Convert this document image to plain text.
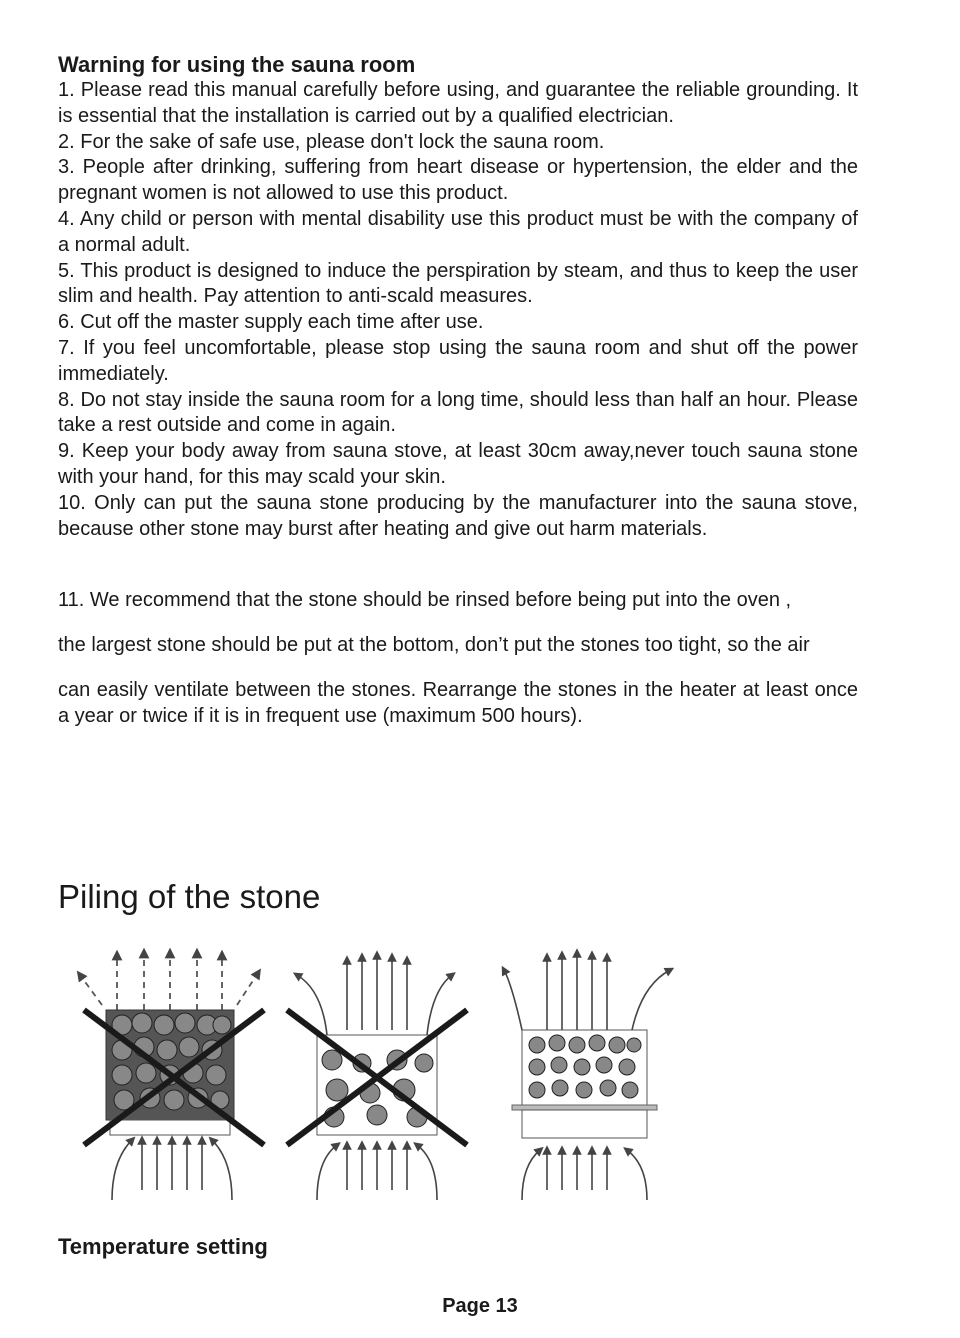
Warning for using the sauna room

1. Please read this manual carefully before using, and guarantee the reliable grounding. It is essential that the installation is carried out by a qualified electrician.

2. For the sake of safe use, please don't lock the sauna room.

3. People after drinking, suffering from heart disease or hypertension, the elder and the pregnant women is not allowed to use this product.

4. Any child or person with mental disability use this product must be with the company of a normal adult.

5. This product is designed to induce the perspiration by steam, and thus to keep the user slim and health. Pay attention to anti-scald measures.

6. Cut off the master supply each time after use.

7. If you feel uncomfortable, please stop using the sauna room and shut off the power immediately.

8. Do not stay inside the sauna room for a long time, should less than half an hour. Please take a rest outside and come in again.

9. Keep your body away from sauna stove, at least 30cm away,never touch sauna stone with your hand, for this may scald your skin.

10. Only can put the sauna stone producing by the manufacturer into the sauna stove, because other stone may burst after heating and give out harm materials.

11. We recommend that the stone should be rinsed before being put into the oven ,

the largest stone should be put at the bottom, don’t put the stones too tight, so the air

can easily ventilate between the stones. Rearrange the stones in the heater at least once a year or twice if it is in frequent use (maximum 500 hours).

Piling of the stone
Temperature setting

Page 13
